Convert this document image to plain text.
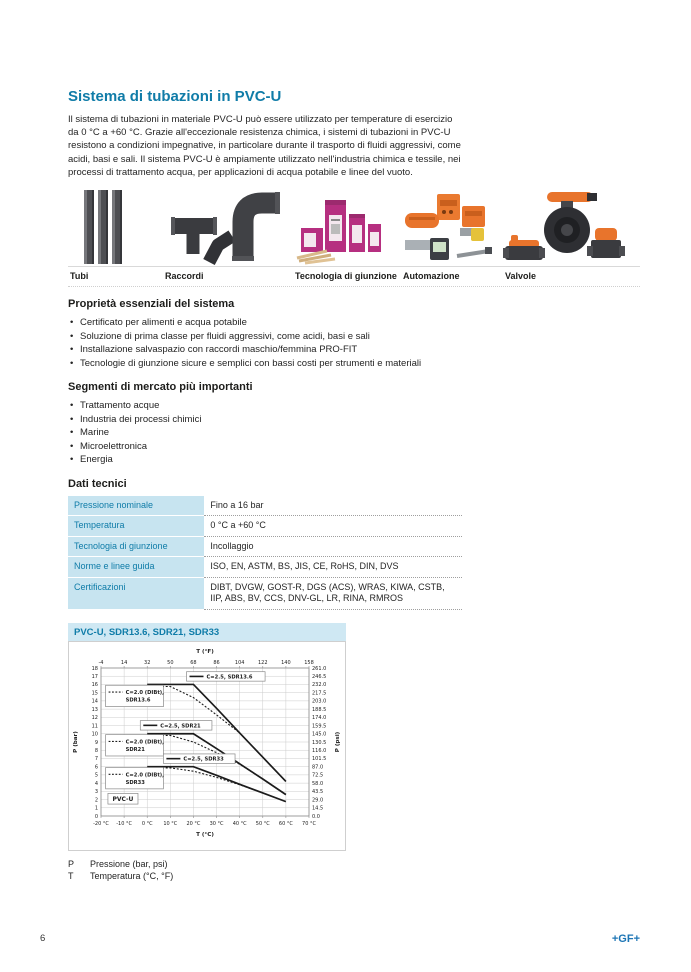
Sistema di tubazioni in PVC-U

Il sistema di tubazioni in materiale PVC-U può essere utilizzato per temperature di esercizio da 0 °C a +60 °C. Grazie all'eccezionale resistenza chimica, i sistemi di tubazioni in PVC-U resistono a condizioni impegnative, in particolare durante il trasporto di fluidi aggressivi, come acidi, basi e sali. Il sistema PVC-U è ampiamente utilizzato nell'industria chimica e tessile, nei processi di trattamento acqua, per applicazioni di acqua potabile e linee del vuoto.

Tubi	Raccordi	Tecnologia di giunzione Automazione	Valvole
Proprietà essenziali del sistema
• Certificato per alimenti e acqua potabile
• Soluzione di prima classe per fluidi aggressivi, come acidi, basi e sali
• Installazione salvaspazio con raccordi maschio/femmina PRO-FIT
• Tecnologie di giunzione sicure e semplici con bassi costi per strumenti e materiali
Segmenti di mercato più importanti
• Trattamento acque
• Industria dei processi chimici
• Marine
• Microelettronica
• Energia
Dati tecnici
Pressione nominale	Fino a 16 bar
Temperatura	0 °C a +60 °C
Tecnologia di giunzione	Incollaggio
Norme e linee guida	ISO, EN, ASTM, BS, JIS, CE, RoHS, DIN, DVS
Certificazioni	DIBT, DVGW, GOST-R, DGS (ACS), WRAS, KIWA, CSTB, IIP, ABS, BV, CCS, DNV-GL, LR, RINA, RMROS
PVC-U, SDR13.6, SDR21, SDR33
18
17
16
15
14
13
12
11
10
9
8
7
6
5
4
3
2
1
0
261.0
246.5
232.0
217.5
203.0
188.5
174.0
159.5
145.0
130.5
116.0
101.5
87.0
72.5
58.0
43.5
29.0
14.5
0.0
-4	14	32	50	68	86	104	122	140	158
-20 °C -10 °C 0 °C 10 °C 20 °C 30 °C 40 °C 50 °C 60 °C 70 °C
T (°F)
T (°C)
P (bar)	P (psi)
C=2.5, SDR13.6
C=2.0 (DIBt),
SDR13.6
C=2.5, SDR21
C=2.0 (DIBt),
SDR21
C=2.5, SDR33
C=2.0 (DIBt),
SDR33
PVC-U
P	Pressione (bar, psi)
T	Temperatura (°C, °F)
6	+GF+
